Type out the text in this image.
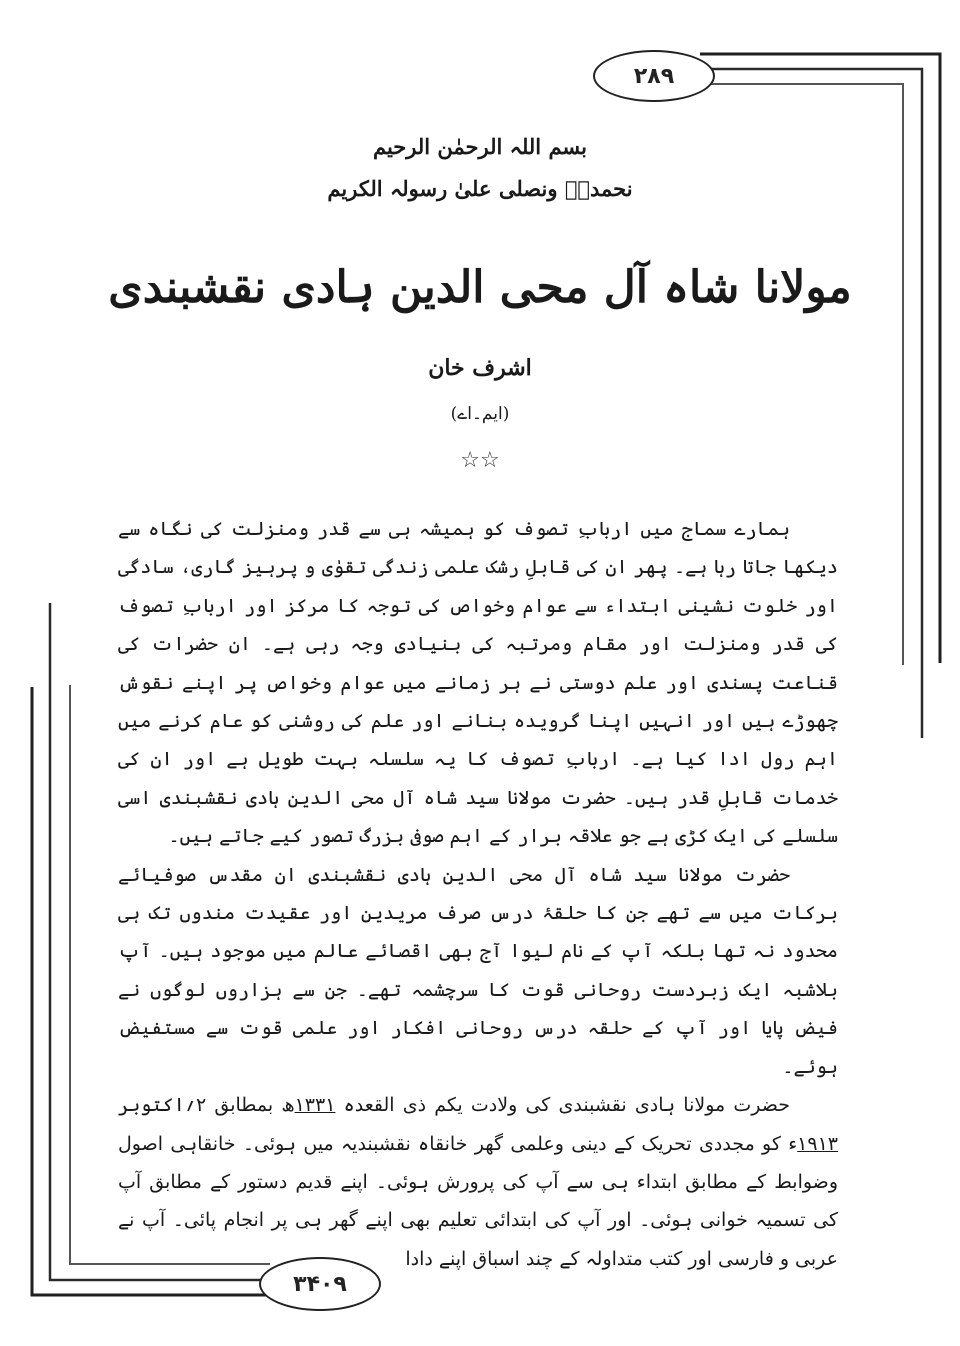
۲۸۹
۳۴۰۹
بسم اللہ الرحمٰن الرحیم
نحمدہٗ ونصلی علیٰ رسولہ الکریم
مولانا شاہ آل محی الدین ہادی نقشبندی
اشرف خان
(ایم۔اے)
☆☆

ہمارے سماج میں اربابِ تصوف کو ہمیشہ ہی سے قدر ومنزلت کی نگاہ سے دیکھا جاتا رہا ہے۔ پھر ان کی قابلِ رشک علمی زندگی تقوٰی و پرہیز گاری، سادگی اور خلوت نشینی ابتداء سے عوام وخواص کی توجہ کا مرکز اور اربابِ تصوف کی قدر ومنزلت اور مقام ومرتبہ کی بنیادی وجہ رہی ہے۔ ان حضرات کی قناعت پسندی اور علم دوستی نے ہر زمانے میں عوام وخواص پر اپنے نقوش چھوڑے ہیں اور انہیں اپنا گرویدہ بنانے اور علم کی روشنی کو عام کرنے میں اہم رول ادا کیا ہے۔ اربابِ تصوف کا یہ سلسلہ بہت طویل ہے اور ان کی خدمات قابلِ قدر ہیں۔ حضرت مولانا سید شاہ آل محی الدین ہادی نقشبندی اسی سلسلے کی ایک کڑی ہے جو علاقہ برار کے اہم صوفی بزرگ تصور کیے جاتے ہیں۔

حضرت مولانا سید شاہ آل محی الدین ہادی نقشبندی ان مقدس صوفیائے برکات میں سے تھے جن کا حلقۂ درس صرف مریدین اور عقیدت مندوں تک ہی محدود نہ تھا بلکہ آپ کے نام لیوا آج بھی اقصائے عالم میں موجود ہیں۔ آپ بلاشبہ ایک زبردست روحانی قوت کا سرچشمہ تھے۔ جن سے ہزاروں لوگوں نے فیض پایا اور آپ کے حلقہ درس روحانی افکار اور علمی قوت سے مستفیض ہوئے۔

حضرت مولانا ہادی نقشبندی کی ولادت یکم ذی القعدہ ۱۳۳۱ھ بمطابق ۲؍اکتوبر ۱۹۱۳ء کو مجددی تحریک کے دینی وعلمی گھر خانقاہ نقشبندیہ میں ہوئی۔ خانقاہی اصول وضوابط کے مطابق ابتداء ہی سے آپ کی پرورش ہوئی۔ اپنے قدیم دستور کے مطابق آپ کی تسمیہ خوانی ہوئی۔ اور آپ کی ابتدائی تعلیم بھی اپنے گھر ہی پر انجام پائی۔ آپ نے عربی و فارسی اور کتب متداولہ کے چند اسباق اپنے دادا
